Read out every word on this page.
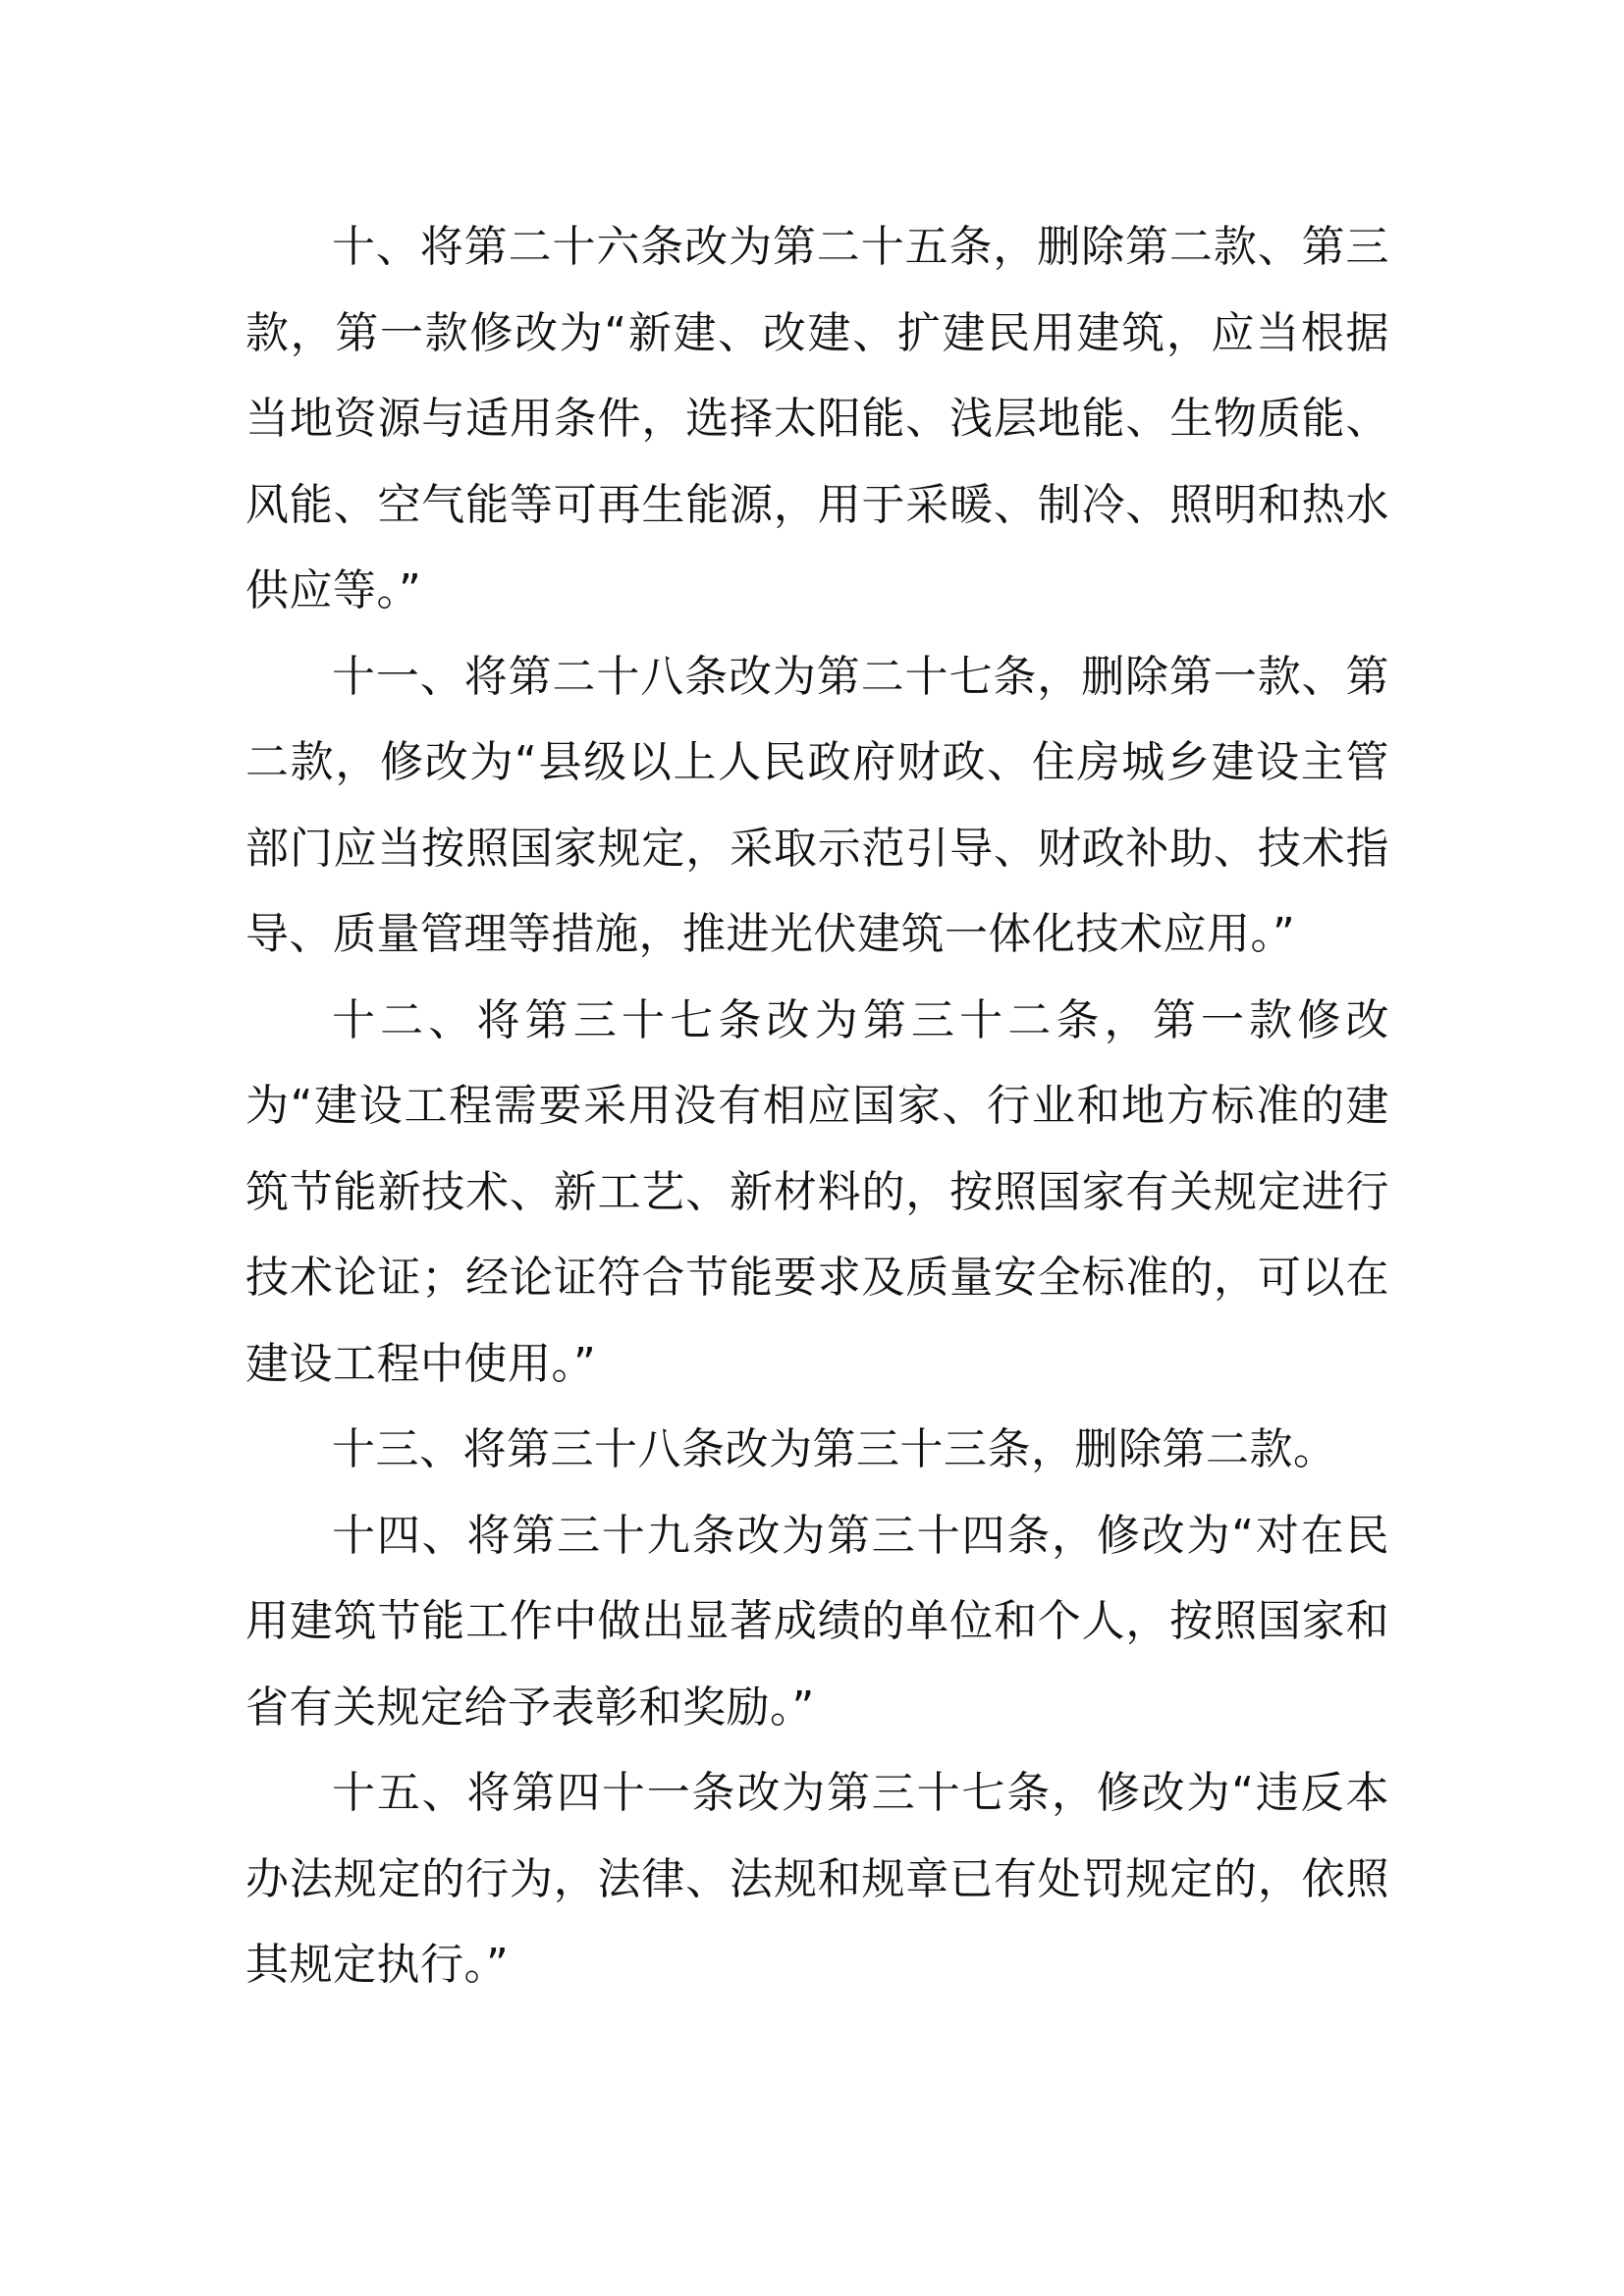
十、将第二十六条改为第二十五条，删除第二款、第三款，第一款修改为“新建、改建、扩建民用建筑，应当根据当地资源与适用条件，选择太阳能、浅层地能、生物质能、风能、空气能等可再生能源，用于采暖、制冷、照明和热水供应等。”

十一、将第二十八条改为第二十七条，删除第一款、第二款，修改为“县级以上人民政府财政、住房城乡建设主管部门应当按照国家规定，采取示范引导、财政补助、技术指导、质量管理等措施，推进光伏建筑一体化技术应用。”

十二、将第三十七条改为第三十二条，第一款修改为“建设工程需要采用没有相应国家、行业和地方标准的建筑节能新技术、新工艺、新材料的，按照国家有关规定进行技术论证；经论证符合节能要求及质量安全标准的，可以在建设工程中使用。”

十三、将第三十八条改为第三十三条，删除第二款。

十四、将第三十九条改为第三十四条，修改为“对在民用建筑节能工作中做出显著成绩的单位和个人，按照国家和省有关规定给予表彰和奖励。”

十五、将第四十一条改为第三十七条，修改为“违反本办法规定的行为，法律、法规和规章已有处罚规定的，依照其规定执行。”
